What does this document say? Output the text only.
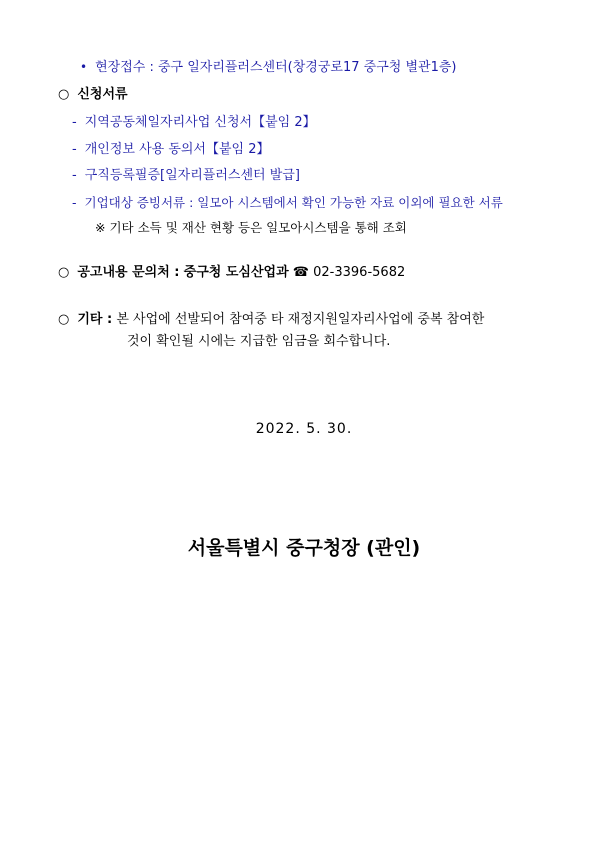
• 현장접수 : 중구 일자리플러스센터(창경궁로17 중구청 별관1층)
○ 신청서류
- 지역공동체일자리사업 신청서【붙임 2】
- 개인정보 사용 동의서【붙임 2】
- 구직등록필증[일자리플러스센터 발급]
- 기업대상 증빙서류 : 일모아 시스템에서 확인 가능한 자료 이외에 필요한 서류
※ 기타 소득 및 재산 현황 등은 일모아시스템을 통해 조회
○ 공고내용 문의처 : 중구청 도심산업과 ☎ 02-3396-5682
○ 기타 : 본 사업에 선발되어 참여중 타 재정지원일자리사업에 중복 참여한
것이 확인될 시에는 지급한 임금을 회수합니다.
2022. 5. 30.
서울특별시 중구청장 (관인)
